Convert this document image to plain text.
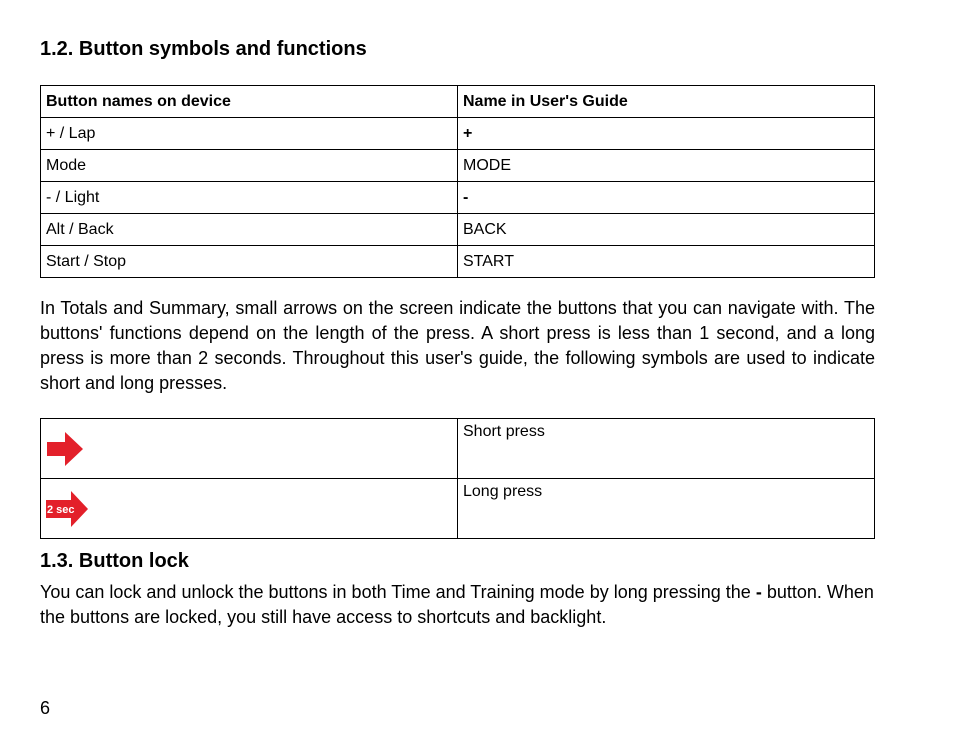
1.2. Button symbols and functions
Button names on device	Name in User's Guide
+ / Lap	+
Mode	MODE
- / Light	-
Alt / Back	BACK
Start / Stop	START

In Totals and Summary, small arrows on the screen indicate the buttons that you can navigate with. The buttons' functions depend on the length of the press. A short press is less than 1 second, and a long press is more than 2 seconds. Throughout this user's guide, the following symbols are used to indicate short and long presses.

	Short press

2 sec	Long press
1.3. Button lock

You can lock and unlock the buttons in both Time and Training mode by long pressing the - button. When the buttons are locked, you still have access to shortcuts and backlight.

6
